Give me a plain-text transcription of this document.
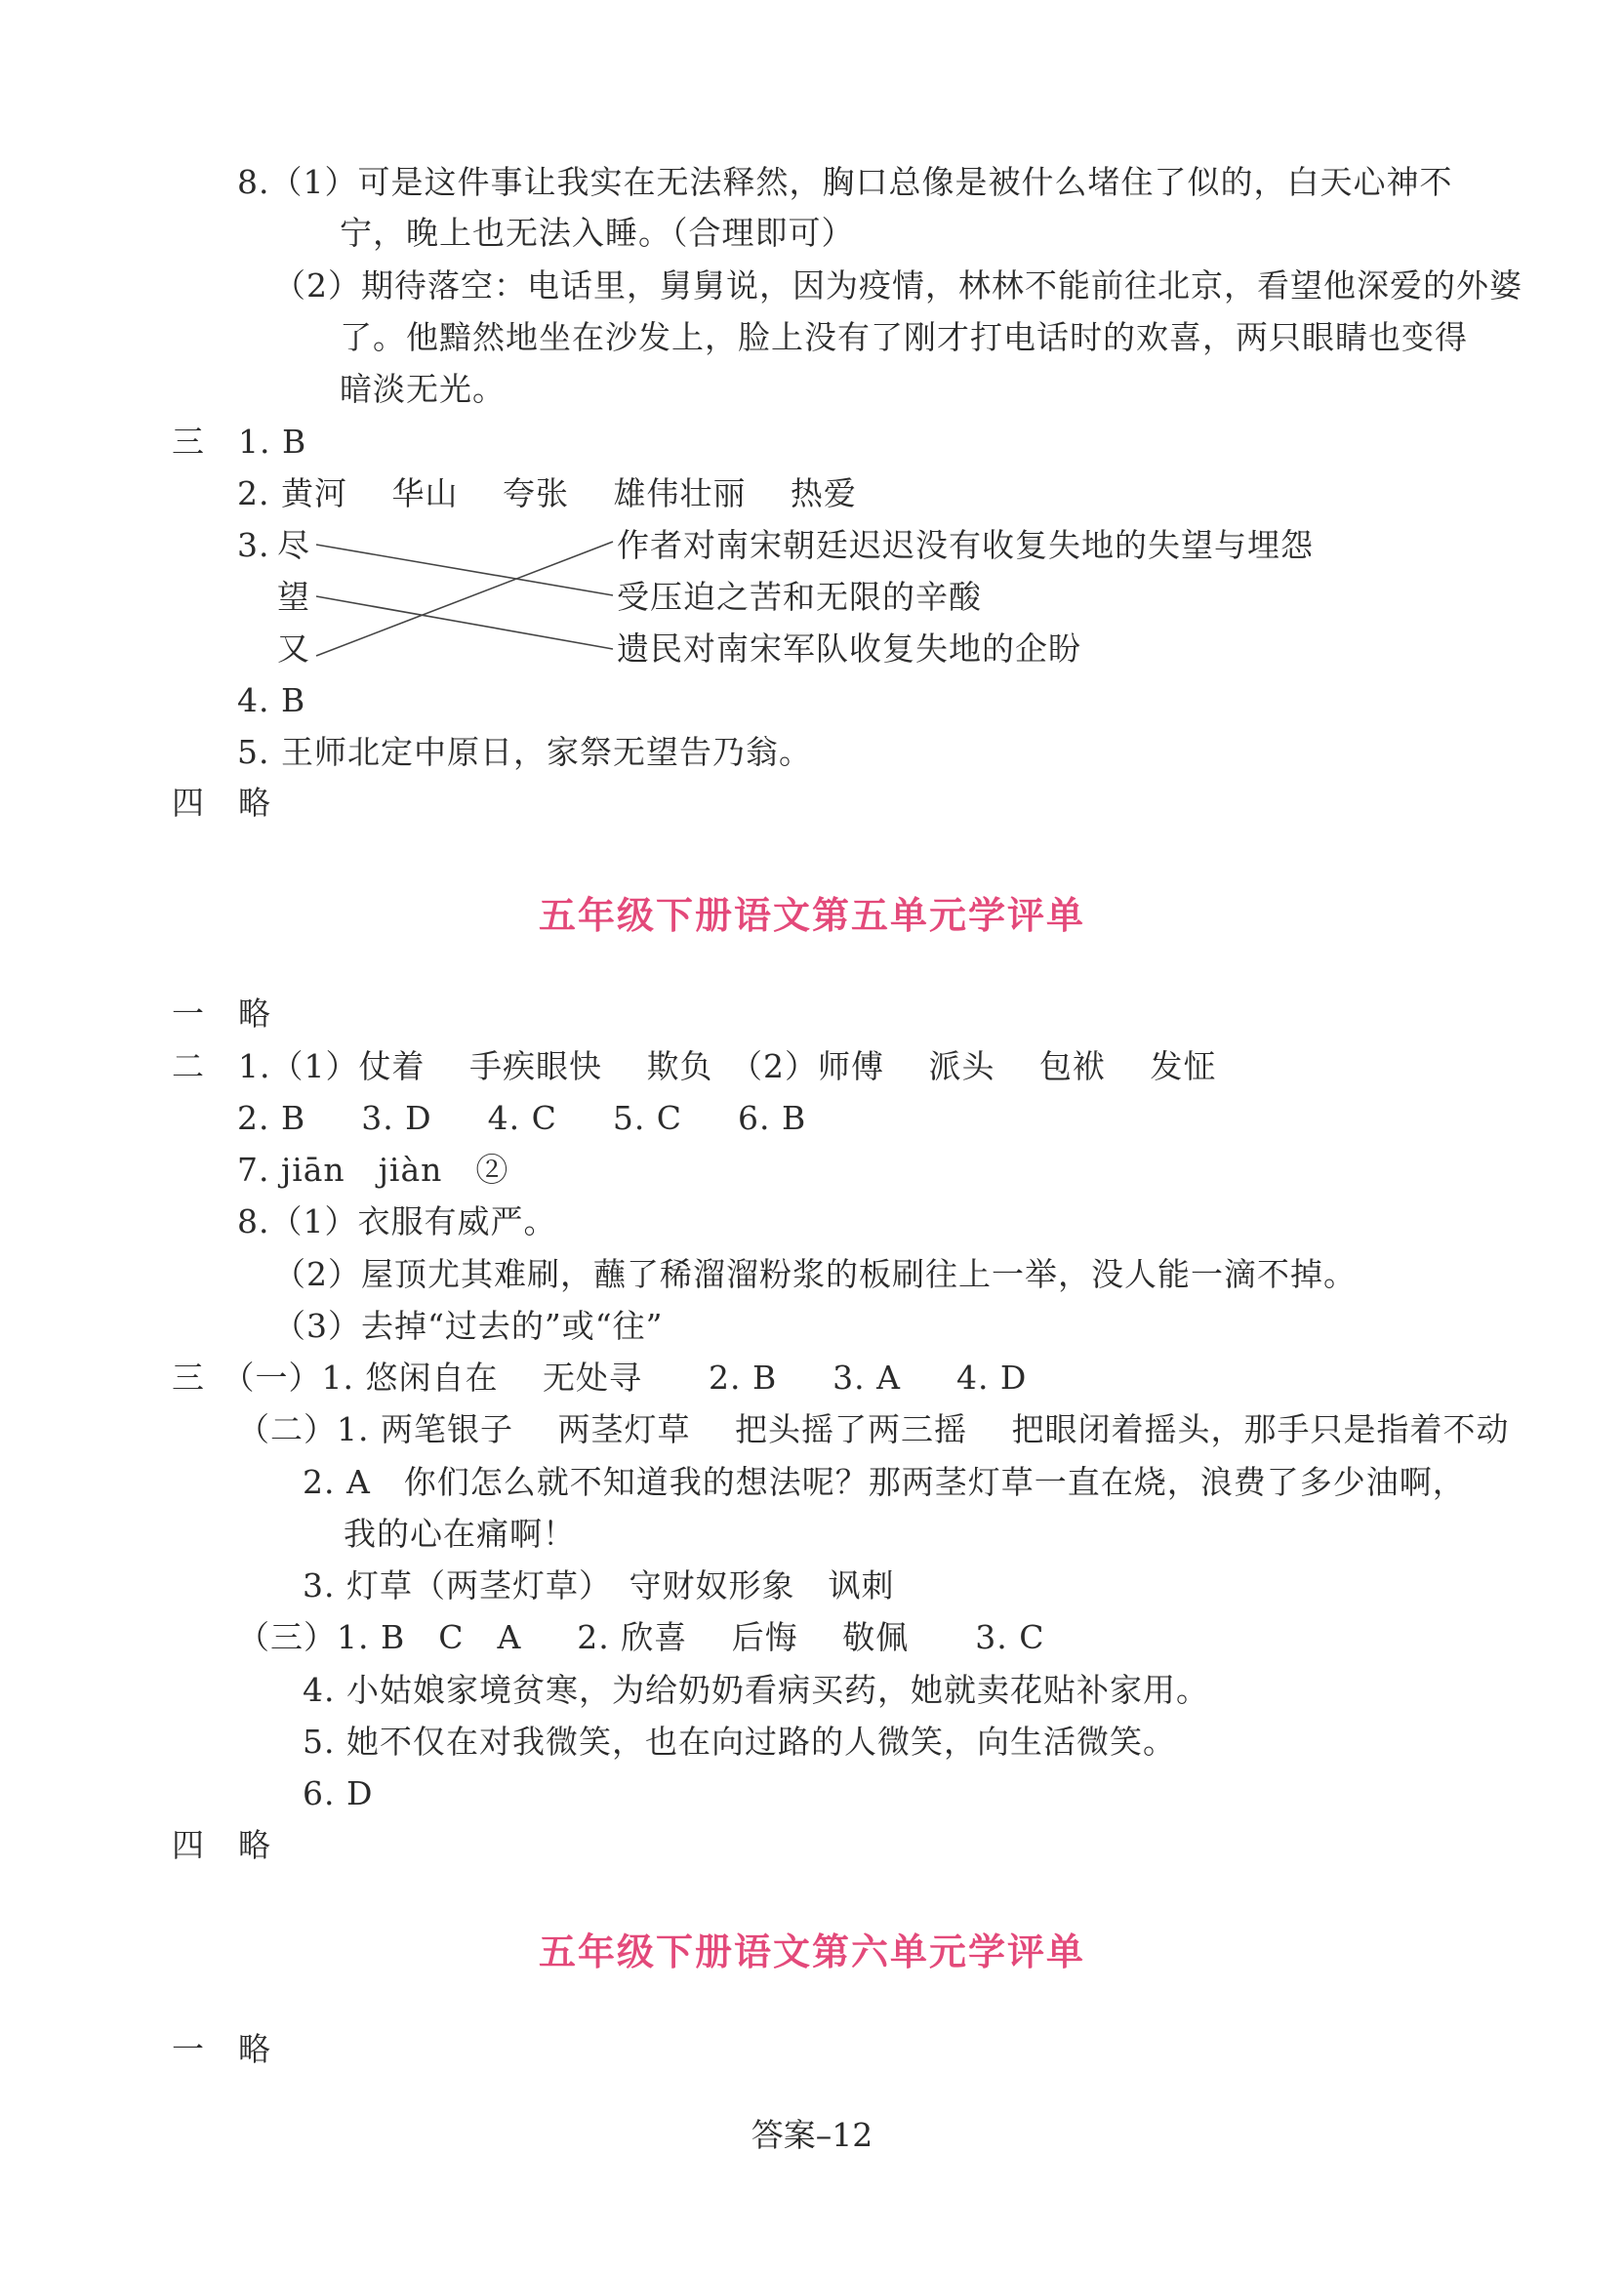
8.（1）可是这件事让我实在无法释然，胸口总像是被什么堵住了似的，白天心神不
宁，晚上也无法入睡。（合理即可）
（2）期待落空：电话里，舅舅说，因为疫情，林林不能前往北京，看望他深爱的外婆
了。他黯然地坐在沙发上，脸上没有了刚才打电话时的欢喜，两只眼睛也变得
暗淡无光。
三　1. B
2. 黄河　 华山　 夸张　 雄伟壮丽　 热爱
3. 尽
望
又
作者对南宋朝廷迟迟没有收复失地的失望与埋怨
受压迫之苦和无限的辛酸
遗民对南宋军队收复失地的企盼
4. B
5. 王师北定中原日，家祭无望告乃翁。
四　略
五年级下册语文第五单元学评单
一　略
二　1.（1）仗着　 手疾眼快　 欺负　（2）师傅　 派头　 包袱　 发怔
2. B　  3. D　  4. C　  5. C　  6. B
7. jiān　jiàn　②
8.（1）衣服有威严。
（2）屋顶尤其难刷，蘸了稀溜溜粉浆的板刷往上一举，没人能一滴不掉。
（3）去掉“过去的”或“往”
三　（一）1. 悠闲自在　 无处寻　　2. B　  3. A　  4. D
（二）1. 两笔银子　 两茎灯草　 把头摇了两三摇　 把眼闭着摇头，那手只是指着不动
2. A　你们怎么就不知道我的想法呢？那两茎灯草一直在烧，浪费了多少油啊，
我的心在痛啊！
3. 灯草（两茎灯草）　守财奴形象　讽刺
（三）1. B　C　A　  2. 欣喜　 后悔　 敬佩　　3. C
4. 小姑娘家境贫寒，为给奶奶看病买药，她就卖花贴补家用。
5. 她不仅在对我微笑，也在向过路的人微笑，向生活微笑。
6. D
四　略
五年级下册语文第六单元学评单
一　略
答案–12
